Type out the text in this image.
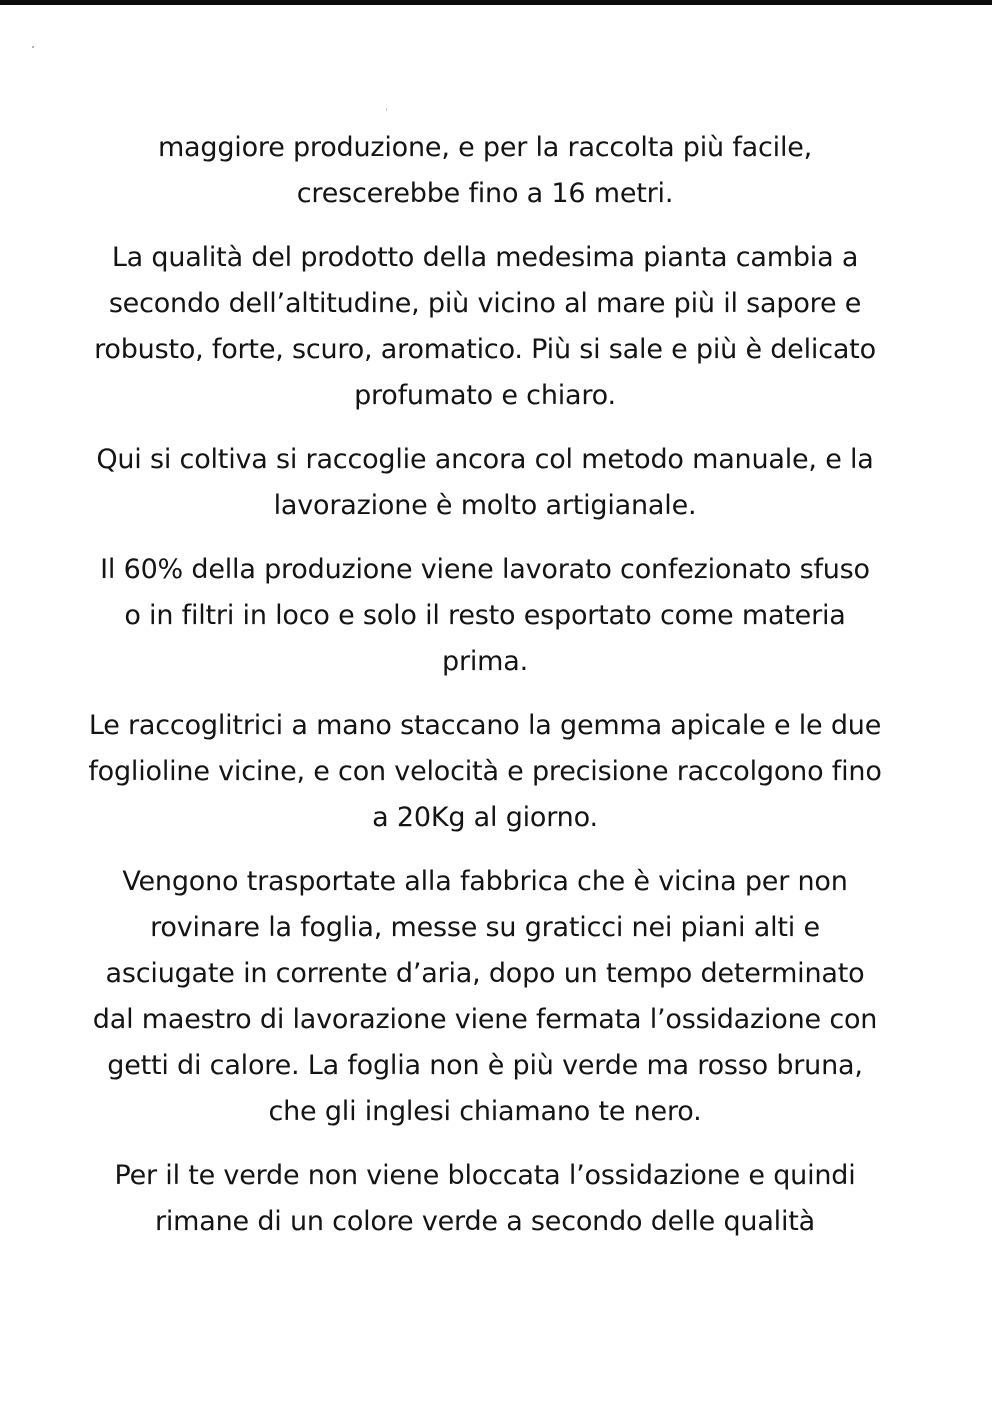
maggiore produzione, e per la raccolta più facile,
crescerebbe fino a 16 metri.

La qualità del prodotto della medesima pianta cambia a
secondo dell’altitudine, più vicino al mare più il sapore e
robusto, forte, scuro, aromatico. Più si sale e più è delicato
profumato e chiaro.

Qui si coltiva si raccoglie ancora col metodo manuale, e la
lavorazione è molto artigianale.

Il 60% della produzione viene lavorato confezionato sfuso
o in filtri in loco e solo il resto esportato come materia
prima.

Le raccoglitrici a mano staccano la gemma apicale e le due
foglioline vicine, e con velocità e precisione raccolgono fino
a 20Kg al giorno.

Vengono trasportate alla fabbrica che è vicina per non
rovinare la foglia, messe su graticci nei piani alti e
asciugate in corrente d’aria, dopo un tempo determinato
dal maestro di lavorazione viene fermata l’ossidazione con
getti di calore. La foglia non è più verde ma rosso bruna,
che gli inglesi chiamano te nero.

Per il te verde non viene bloccata l’ossidazione e quindi
rimane di un colore verde a secondo delle qualità
